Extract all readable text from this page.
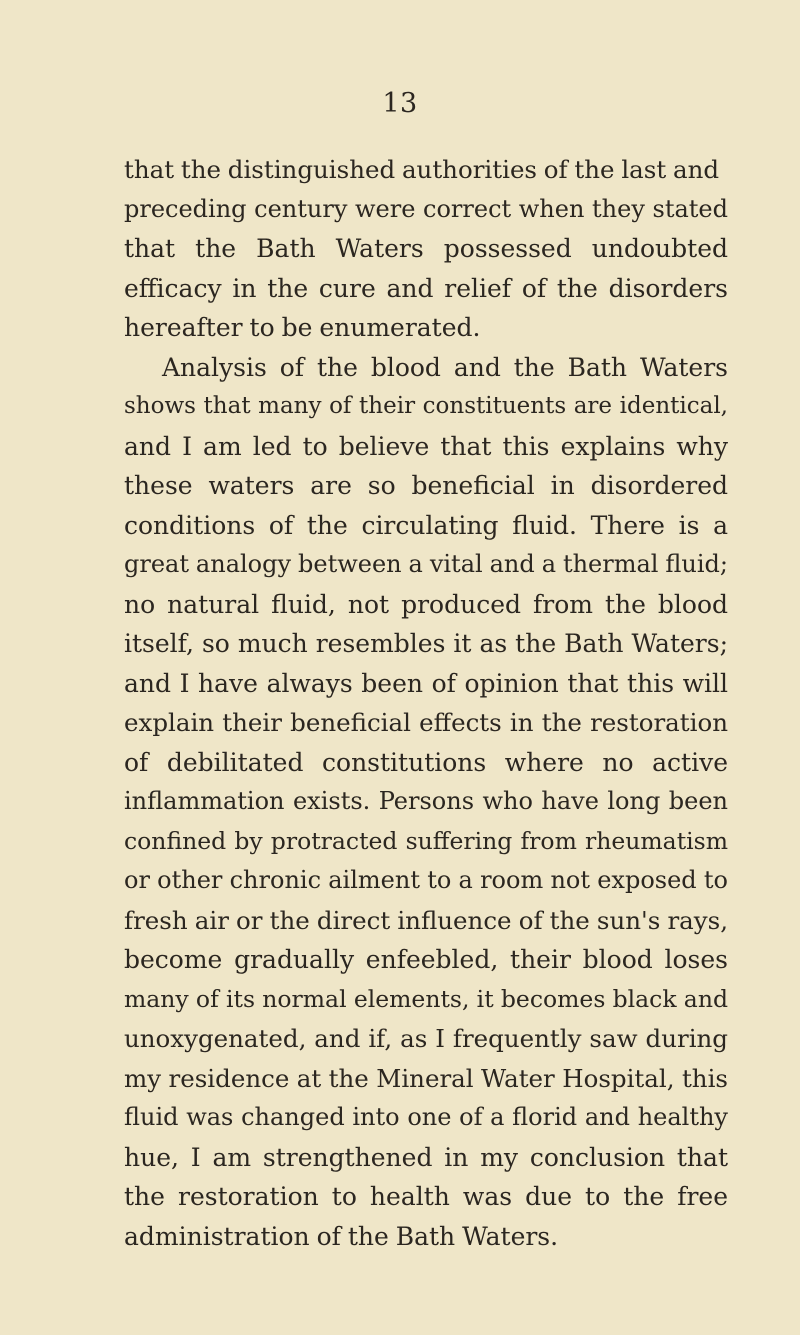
13
that the distinguished authorities of the last and
preceding century were correct when they stated
that the Bath Waters possessed undoubted
efficacy in the cure and relief of the disorders
hereafter to be enumerated.
Analysis of the blood and the Bath Waters
shows that many of their constituents are identical,
and I am led to believe that this explains why
these waters are so beneficial in disordered
conditions of the circulating fluid. There is a
great analogy between a vital and a thermal fluid;
no natural fluid, not produced from the blood
itself, so much resembles it as the Bath Waters;
and I have always been of opinion that this will
explain their beneficial effects in the restoration
of debilitated constitutions where no active
inflammation exists. Persons who have long been
confined by protracted suffering from rheumatism
or other chronic ailment to a room not exposed to
fresh air or the direct influence of the sun's rays,
become gradually enfeebled, their blood loses
many of its normal elements, it becomes black and
unoxygenated, and if, as I frequently saw during
my residence at the Mineral Water Hospital, this
fluid was changed into one of a florid and healthy
hue, I am strengthened in my conclusion that
the restoration to health was due to the free
administration of the Bath Waters.
